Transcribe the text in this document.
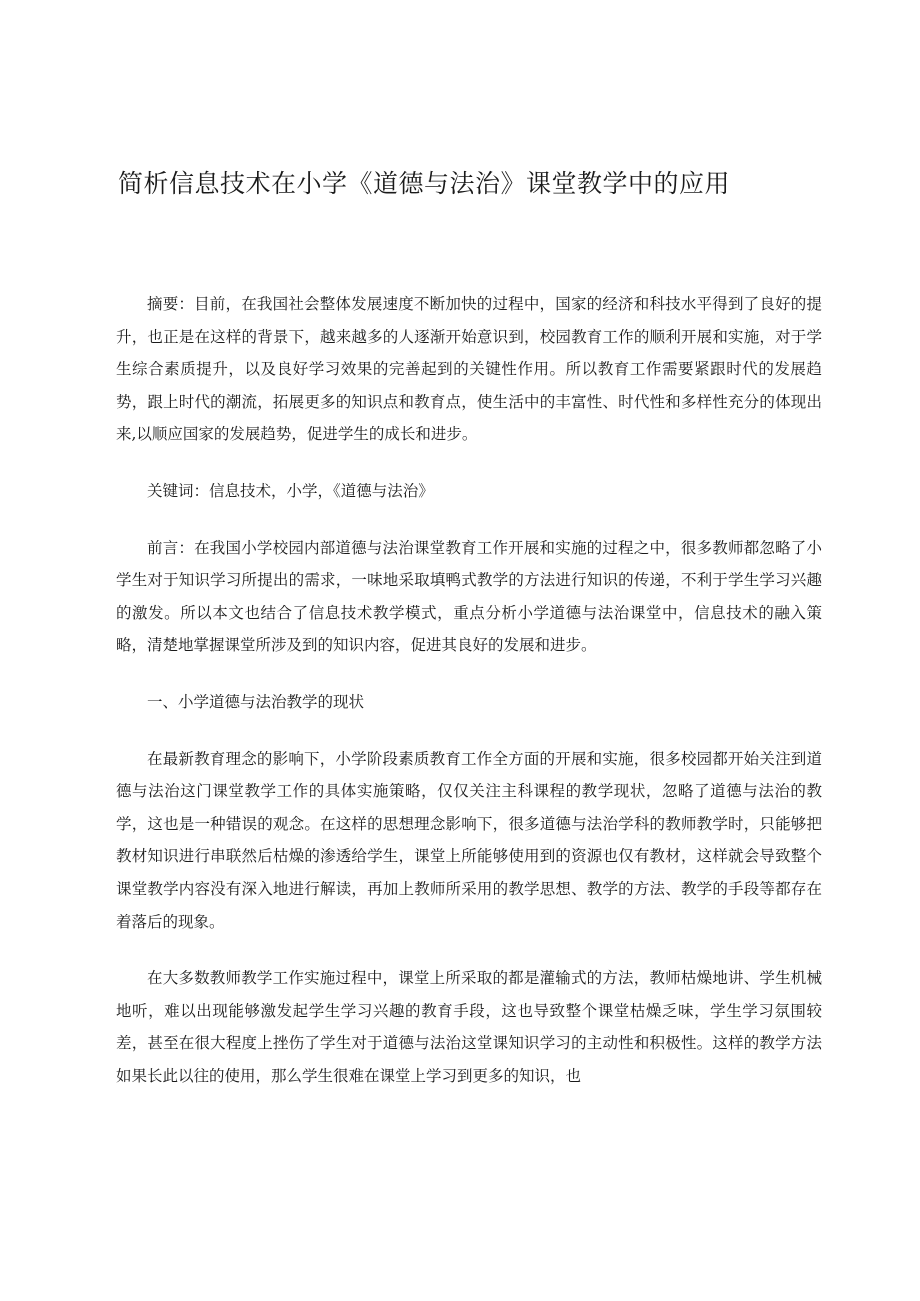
简析信息技术在小学《道德与法治》课堂教学中的应用

摘要：目前，在我国社会整体发展速度不断加快的过程中，国家的经济和科技水平得到了良好的提升，也正是在这样的背景下，越来越多的人逐渐开始意识到，校园教育工作的顺利开展和实施，对于学生综合素质提升，以及良好学习效果的完善起到的关键性作用。所以教育工作需要紧跟时代的发展趋势，跟上时代的潮流，拓展更多的知识点和教育点，使生活中的丰富性、时代性和多样性充分的体现出来,以顺应国家的发展趋势，促进学生的成长和进步。

关键词：信息技术，小学，《道德与法治》

前言：在我国小学校园内部道德与法治课堂教育工作开展和实施的过程之中，很多教师都忽略了小学生对于知识学习所提出的需求，一味地采取填鸭式教学的方法进行知识的传递，不利于学生学习兴趣的激发。所以本文也结合了信息技术教学模式，重点分析小学道德与法治课堂中，信息技术的融入策略，清楚地掌握课堂所涉及到的知识内容，促进其良好的发展和进步。

一、小学道德与法治教学的现状

在最新教育理念的影响下，小学阶段素质教育工作全方面的开展和实施，很多校园都开始关注到道德与法治这门课堂教学工作的具体实施策略，仅仅关注主科课程的教学现状，忽略了道德与法治的教学，这也是一种错误的观念。在这样的思想理念影响下，很多道德与法治学科的教师教学时，只能够把教材知识进行串联然后枯燥的渗透给学生，课堂上所能够使用到的资源也仅有教材，这样就会导致整个课堂教学内容没有深入地进行解读，再加上教师所采用的教学思想、教学的方法、教学的手段等都存在着落后的现象。

在大多数教师教学工作实施过程中，课堂上所采取的都是灌输式的方法，教师枯燥地讲、学生机械地听，难以出现能够激发起学生学习兴趣的教育手段，这也导致整个课堂枯燥乏味，学生学习氛围较差，甚至在很大程度上挫伤了学生对于道德与法治这堂课知识学习的主动性和积极性。这样的教学方法如果长此以往的使用，那么学生很难在课堂上学习到更多的知识，也
